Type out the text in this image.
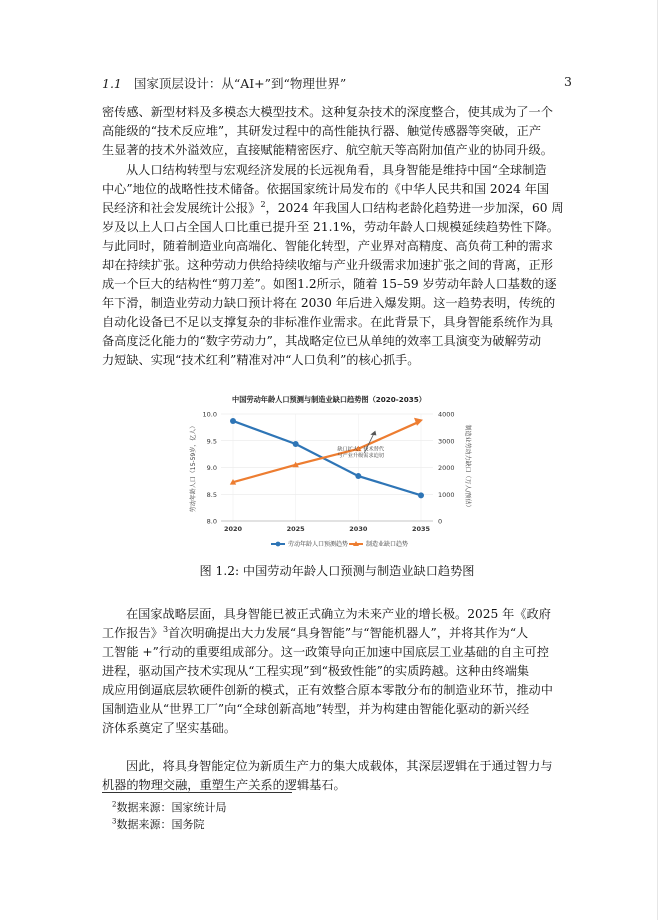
1.1 国家顶层设计：从“AI+”到“物理世界”	3
密传感、新型材料及多模态大模型技术。这种复杂技术的深度整合，使其成为了一个
高能级的“技术反应堆”，其研发过程中的高性能执行器、触觉传感器等突破，正产
生显著的技术外溢效应，直接赋能精密医疗、航空航天等高附加值产业的协同升级。
从人口结构转型与宏观经济发展的长远视角看，具身智能是维持中国“全球制造
中心”地位的战略性技术储备。依据国家统计局发布的《中华人民共和国 2024 年国
民经济和社会发展统计公报》$^2$，2024 年我国人口结构老龄化趋势进一步加深，60 周
岁及以上人口占全国人口比重已提升至 21.1%，劳动年龄人口规模延续趋势性下降。
与此同时，随着制造业向高端化、智能化转型，产业界对高精度、高负荷工种的需求
却在持续扩张。这种劳动力供给持续收缩与产业升级需求加速扩张之间的背离，正形
成一个巨大的结构性“剪刀差”。如图1.2所示，随着 15–59 岁劳动年龄人口基数的逐
年下滑，制造业劳动力缺口预计将在 2030 年后进入爆发期。这一趋势表明，传统的
自动化设备已不足以支撑复杂的非标准作业需求。在此背景下，具身智能系统作为具
备高度泛化能力的“数字劳动力”，其战略定位已从单纯的效率工具演变为破解劳动
力短缺、实现“技术红利”精准对冲“人口负利”的核心抓手。
中国劳动年龄人口预测与制造业缺口趋势图（2020-2035）
8.0
8.5
9.0
9.5
10.0
0
1000
2000
3000
4000
2020	2025	2030	2035
劳动年龄人口（15-59岁，亿人）	制造业劳动力缺口（万人/预估）
缺口扩大：技术替代
与产业升级需求迫切
劳动年龄人口预测趋势	制造业缺口趋势
图 1.2: 中国劳动年龄人口预测与制造业缺口趋势图
在国家战略层面，具身智能已被正式确立为未来产业的增长极。2025 年《政府
工作报告》$^3$首次明确提出大力发展“具身智能”与“智能机器人”，并将其作为“人
工智能 +”行动的重要组成部分。这一政策导向正加速中国底层工业基础的自主可控
进程，驱动国产技术实现从“工程实现”到“极致性能”的实质跨越。这种由终端集
成应用倒逼底层软硬件创新的模式，正有效整合原本零散分布的制造业环节，推动中
国制造业从“世界工厂”向“全球创新高地”转型，并为构建由智能化驱动的新兴经
济体系奠定了坚实基础。
因此，将具身智能定位为新质生产力的集大成载体，其深层逻辑在于通过智力与
机器的物理交融，重塑生产关系的逻辑基石。
$^2$数据来源：国家统计局
$^3$数据来源：国务院
